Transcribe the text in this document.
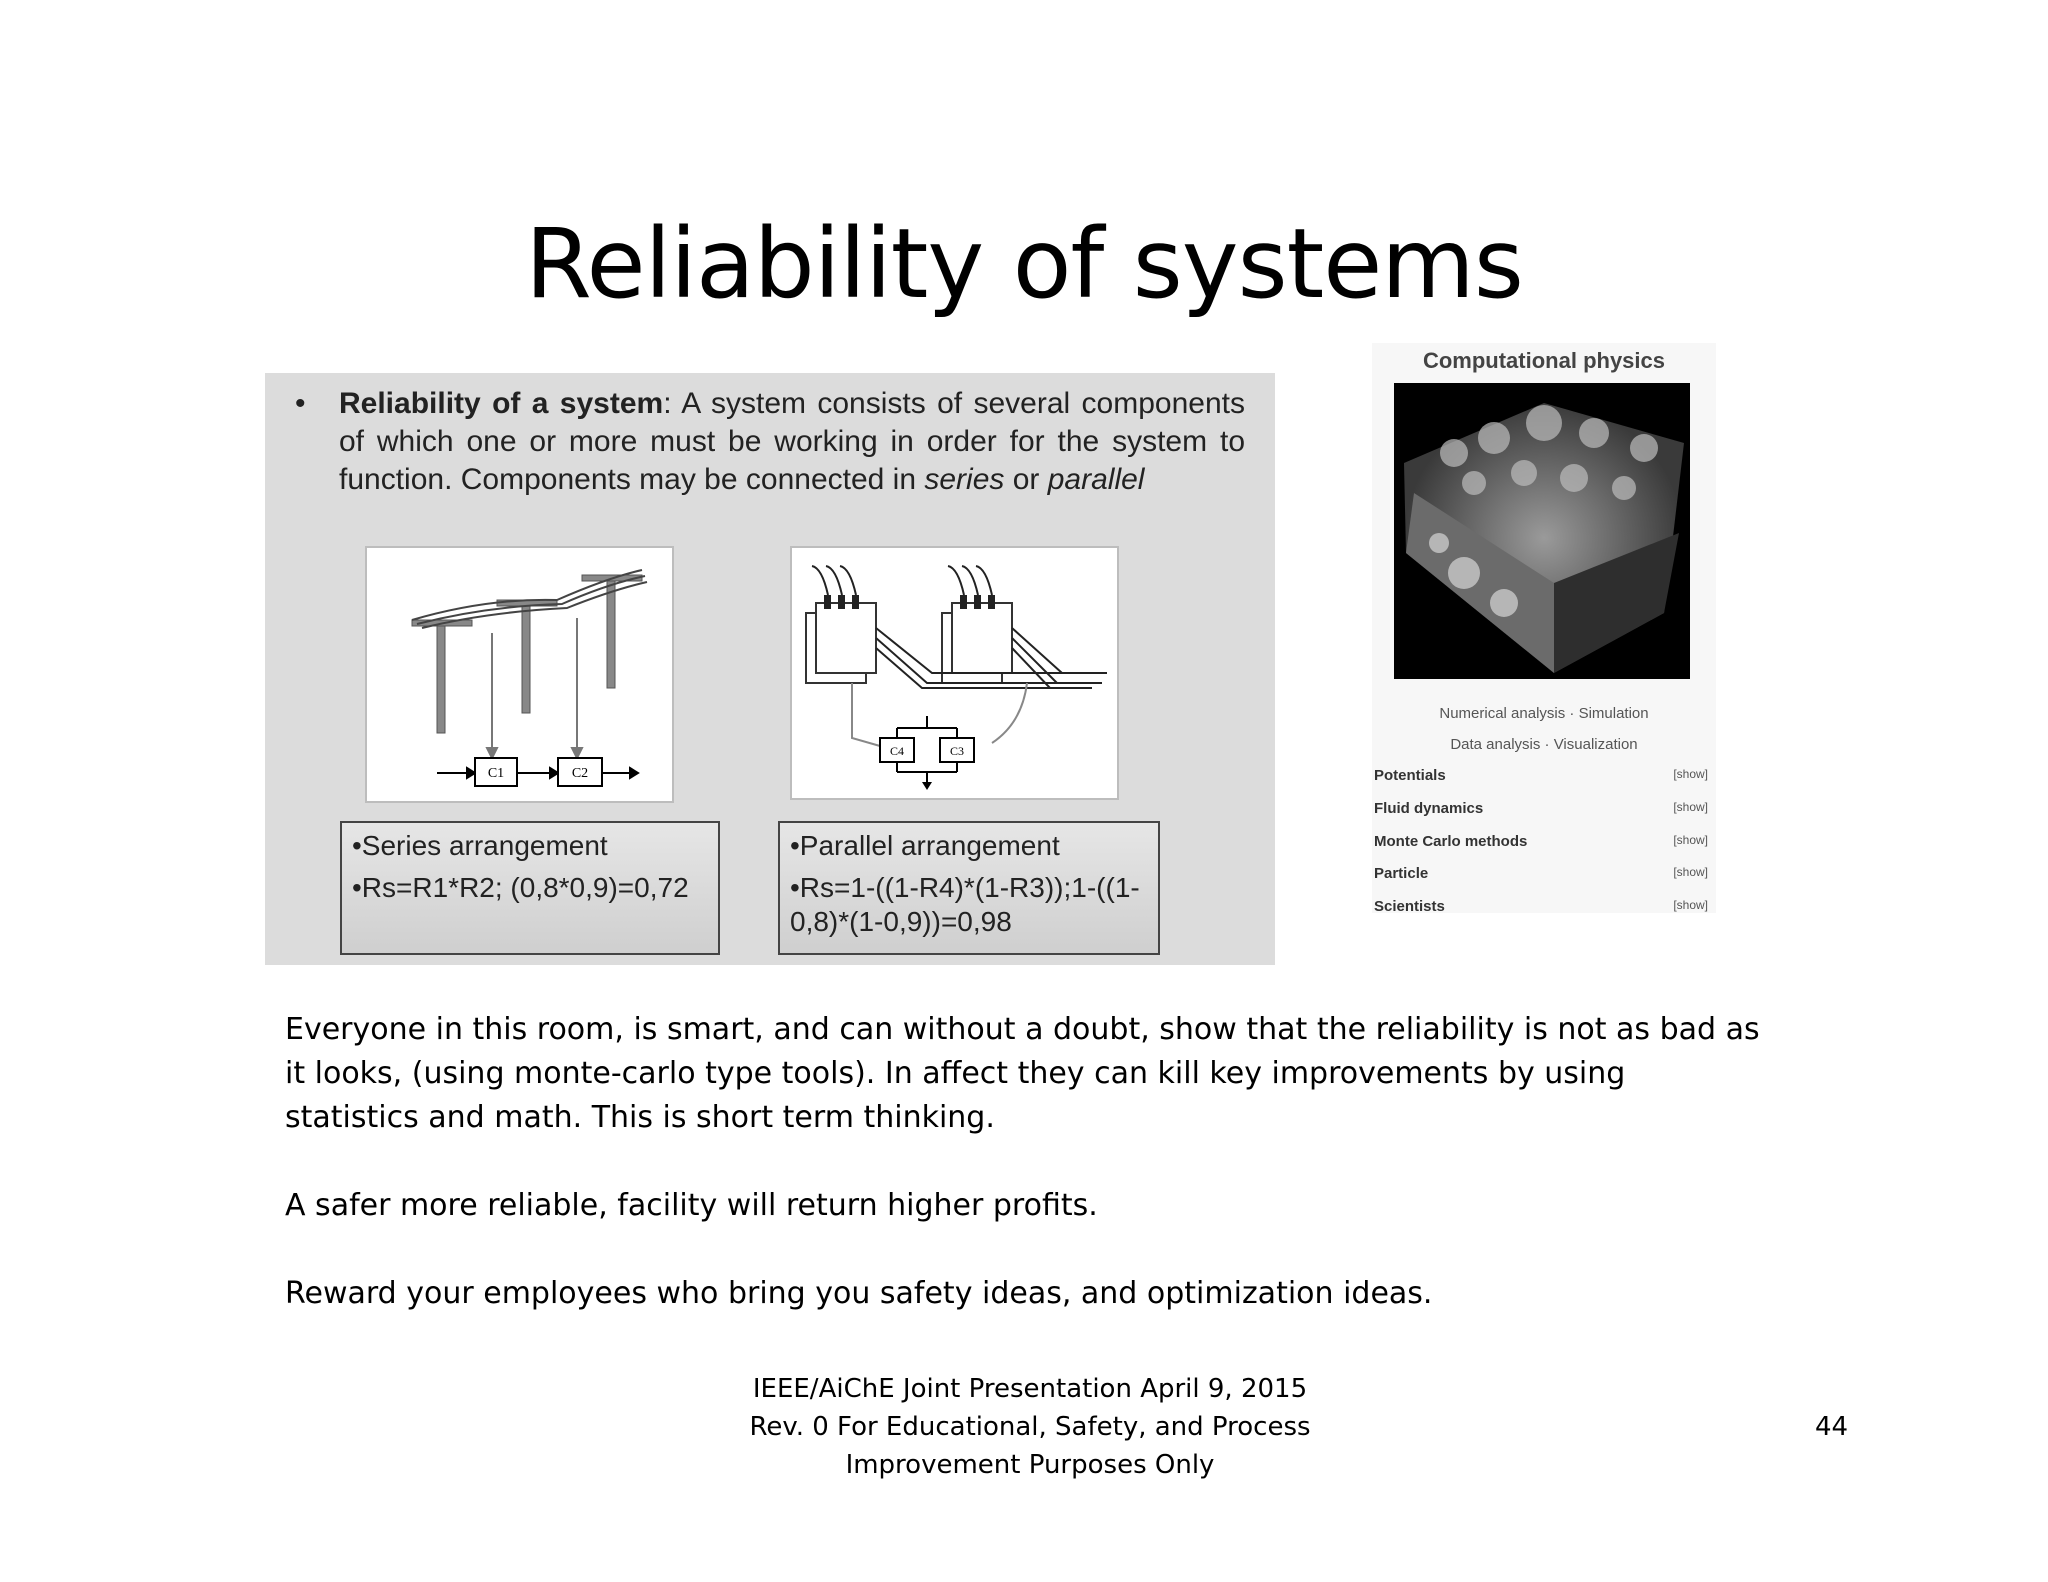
Reliability of systems
• Reliability of a system: A system consists of several components of which one or more must be working in order for the system to function. Components may be connected in series or parallel
C1	C2
C4	C3
•Series arrangement
•Rs=R1*R2; (0,8*0,9)=0,72
•Parallel arrangement
•Rs=1-((1-R4)*(1-R3));1-((1-0,8)*(1-0,9))=0,98
Computational physics
Numerical analysis · Simulation
Data analysis · Visualization
Potentials	[show]
Fluid dynamics	[show]
Monte Carlo methods	[show]
Particle	[show]
Scientists	[show]
Everyone in this room, is smart, and can without a doubt, show that the reliability is not as bad as it looks, (using monte-carlo type tools). In affect they can kill key improvements by using statistics and math. This is short term thinking.
A safer more reliable, facility will return higher profits.
Reward your employees who bring you safety ideas, and optimization ideas.
IEEE/AiChE Joint Presentation April 9, 2015
Rev. 0 For Educational, Safety, and Process
Improvement Purposes Only
44
